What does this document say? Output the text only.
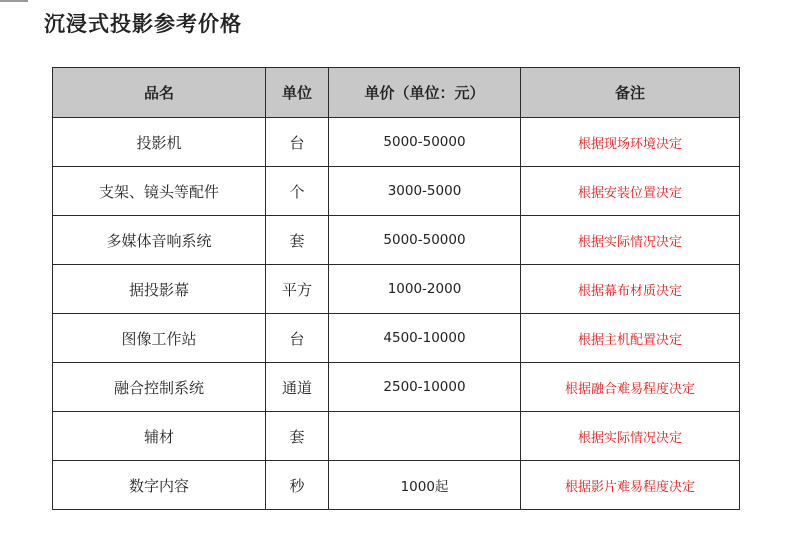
沉浸式投影参考价格
品名	单位	单价（单位：元）	备注
投影机	台	5000-50000	根据现场环境决定
支架、镜头等配件	个	3000-5000	根据安装位置决定
多媒体音响系统	套	5000-50000	根据实际情况决定
据投影幕	平方	1000-2000	根据幕布材质决定
图像工作站	台	4500-10000	根据主机配置决定
融合控制系统	通道	2500-10000	根据融合难易程度决定
辅材	套		根据实际情况决定
数字内容	秒	1000起	根据影片难易程度决定
